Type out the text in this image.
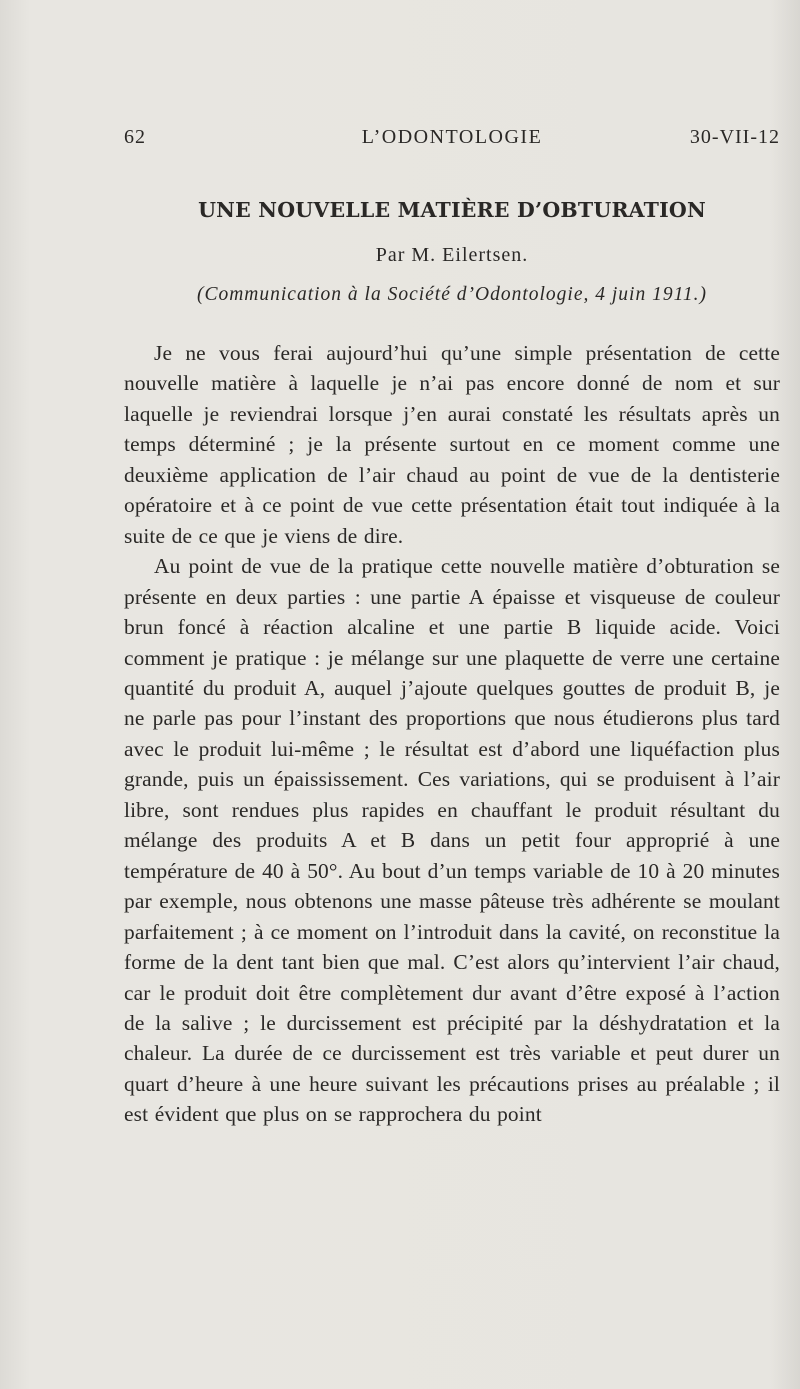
62	L’ODONTOLOGIE	30-VII-12
UNE NOUVELLE MATIÈRE D’OBTURATION
Par M. Eilertsen.
(Communication à la Société d’Odontologie, 4 juin 1911.)

Je ne vous ferai aujourd’hui qu’une simple présentation de cette nouvelle matière à laquelle je n’ai pas encore donné de nom et sur laquelle je reviendrai lorsque j’en aurai constaté les résultats après un temps déterminé ; je la présente surtout en ce moment comme une deuxième application de l’air chaud au point de vue de la dentisterie opératoire et à ce point de vue cette présentation était tout indiquée à la suite de ce que je viens de dire.

Au point de vue de la pratique cette nouvelle matière d’obturation se présente en deux parties : une partie A épaisse et visqueuse de couleur brun foncé à réaction alcaline et une partie B liquide acide. Voici comment je pratique : je mélange sur une plaquette de verre une certaine quantité du produit A, auquel j’ajoute quelques gouttes de produit B, je ne parle pas pour l’instant des proportions que nous étudierons plus tard avec le produit lui-même ; le résultat est d’abord une liquéfaction plus grande, puis un épaississement. Ces variations, qui se produisent à l’air libre, sont rendues plus rapides en chauffant le produit résultant du mélange des produits A et B dans un petit four approprié à une température de 40 à 50°. Au bout d’un temps variable de 10 à 20 minutes par exemple, nous obtenons une masse pâteuse très adhérente se moulant parfaitement ; à ce moment on l’introduit dans la cavité, on reconstitue la forme de la dent tant bien que mal. C’est alors qu’intervient l’air chaud, car le produit doit être complètement dur avant d’être exposé à l’action de la salive ; le durcissement est précipité par la déshydratation et la chaleur. La durée de ce durcissement est très variable et peut durer un quart d’heure à une heure suivant les précautions prises au préalable ; il est évident que plus on se rapprochera du point
